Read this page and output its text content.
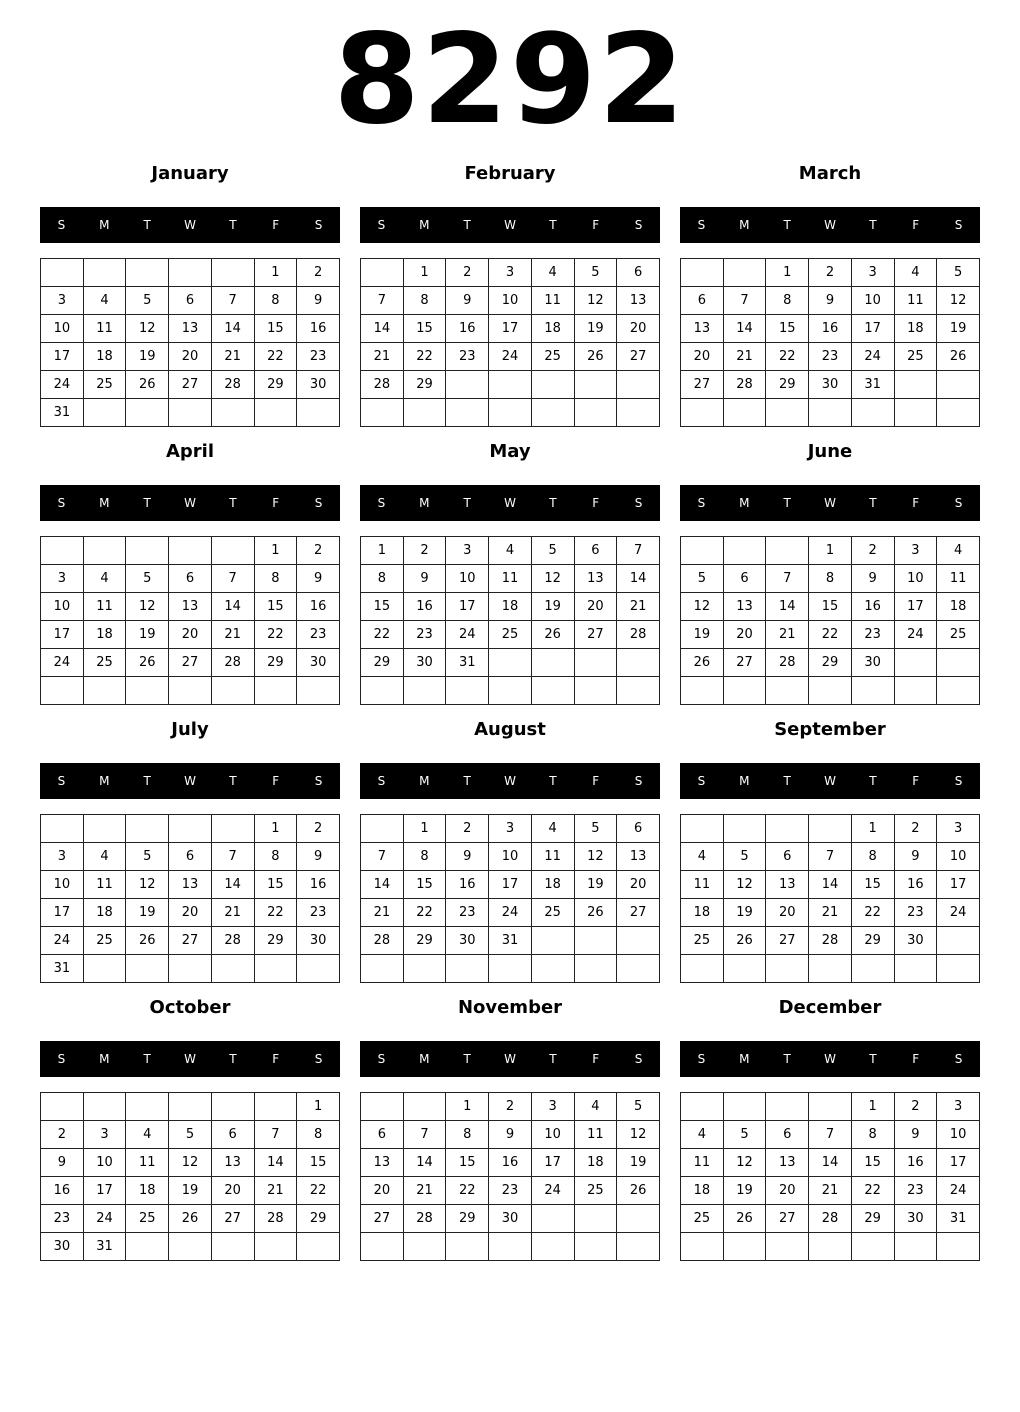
8292
January
S	M	T	W	T	F	S
					1	2
3	4	5	6	7	8	9
10	11	12	13	14	15	16
17	18	19	20	21	22	23
24	25	26	27	28	29	30
31						
February
S	M	T	W	T	F	S
	1	2	3	4	5	6
7	8	9	10	11	12	13
14	15	16	17	18	19	20
21	22	23	24	25	26	27
28	29					

March
S	M	T	W	T	F	S
		1	2	3	4	5
6	7	8	9	10	11	12
13	14	15	16	17	18	19
20	21	22	23	24	25	26
27	28	29	30	31		

April
S	M	T	W	T	F	S
					1	2
3	4	5	6	7	8	9
10	11	12	13	14	15	16
17	18	19	20	21	22	23
24	25	26	27	28	29	30

May
S	M	T	W	T	F	S
1	2	3	4	5	6	7
8	9	10	11	12	13	14
15	16	17	18	19	20	21
22	23	24	25	26	27	28
29	30	31				

June
S	M	T	W	T	F	S
			1	2	3	4
5	6	7	8	9	10	11
12	13	14	15	16	17	18
19	20	21	22	23	24	25
26	27	28	29	30		

July
S	M	T	W	T	F	S
					1	2
3	4	5	6	7	8	9
10	11	12	13	14	15	16
17	18	19	20	21	22	23
24	25	26	27	28	29	30
31						
August
S	M	T	W	T	F	S
	1	2	3	4	5	6
7	8	9	10	11	12	13
14	15	16	17	18	19	20
21	22	23	24	25	26	27
28	29	30	31			

September
S	M	T	W	T	F	S
				1	2	3
4	5	6	7	8	9	10
11	12	13	14	15	16	17
18	19	20	21	22	23	24
25	26	27	28	29	30	

October
S	M	T	W	T	F	S
						1
2	3	4	5	6	7	8
9	10	11	12	13	14	15
16	17	18	19	20	21	22
23	24	25	26	27	28	29
30	31					
November
S	M	T	W	T	F	S
		1	2	3	4	5
6	7	8	9	10	11	12
13	14	15	16	17	18	19
20	21	22	23	24	25	26
27	28	29	30			

December
S	M	T	W	T	F	S
				1	2	3
4	5	6	7	8	9	10
11	12	13	14	15	16	17
18	19	20	21	22	23	24
25	26	27	28	29	30	31
